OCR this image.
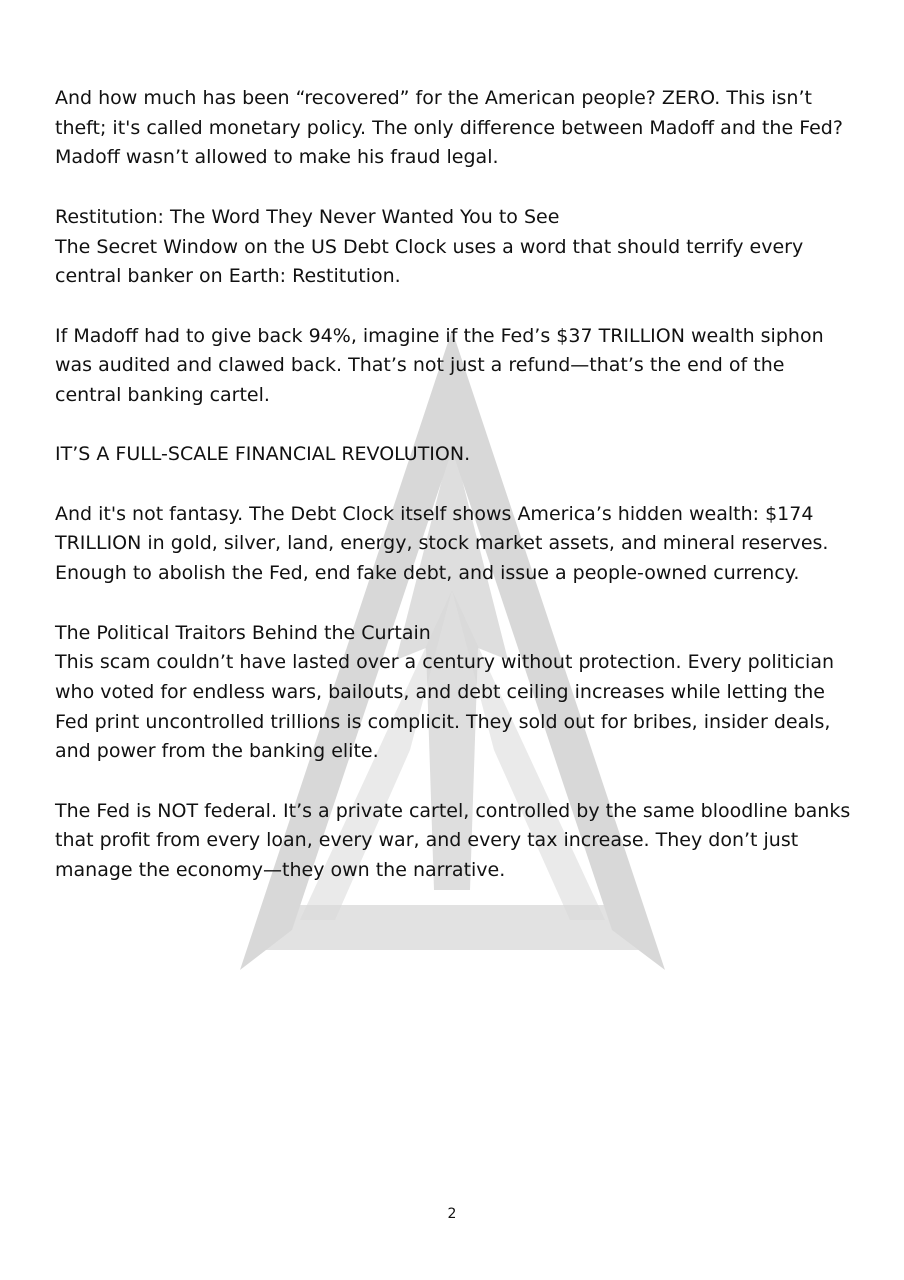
And how much has been “recovered” for the American people? ZERO. This isn’t theft; it's called monetary policy. The only difference between Madoff and the Fed? Madoff wasn’t allowed to make his fraud legal.

Restitution: The Word They Never Wanted You to See

The Secret Window on the US Debt Clock uses a word that should terrify every central banker on Earth: Restitution.

If Madoff had to give back 94%, imagine if the Fed’s $37 TRILLION wealth siphon was audited and clawed back. That’s not just a refund—that’s the end of the central banking cartel.

IT’S A FULL-SCALE FINANCIAL REVOLUTION.

And it's not fantasy. The Debt Clock itself shows America’s hidden wealth: $174 TRILLION in gold, silver, land, energy, stock market assets, and mineral reserves. Enough to abolish the Fed, end fake debt, and issue a people-owned currency.

The Political Traitors Behind the Curtain

This scam couldn’t have lasted over a century without protection. Every politician who voted for endless wars, bailouts, and debt ceiling increases while letting the Fed print uncontrolled trillions is complicit. They sold out for bribes, insider deals, and power from the banking elite.

The Fed is NOT federal. It’s a private cartel, controlled by the same bloodline banks that profit from every loan, every war, and every tax increase. They don’t just manage the economy—they own the narrative.

2
